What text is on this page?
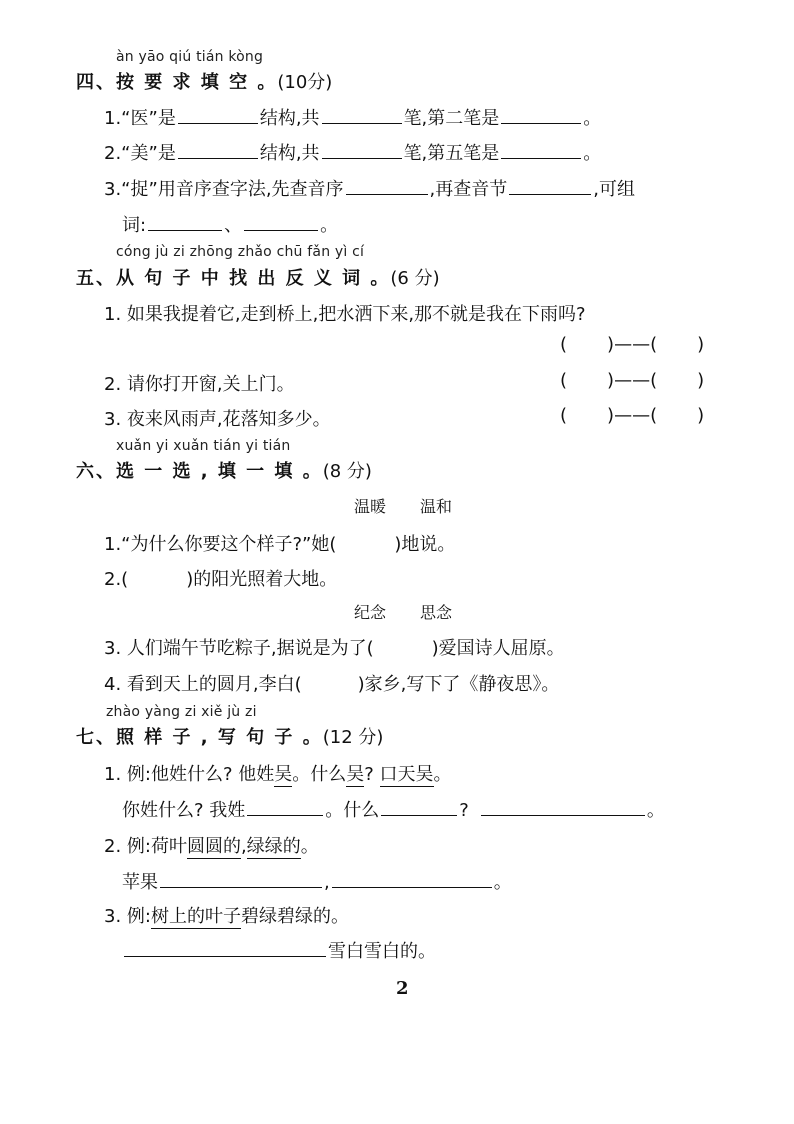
àn yāo qiú tián kòng
四、按 要 求 填 空 。(10分)
1.“医”是	结构,共	笔,第二笔是	。
2.“美”是	结构,共	笔,第五笔是	。
3.“捉”用音序查字法,先查音序	,再查音节	,可组
词:	、	。
cóng jù zi zhōng zhǎo chū fǎn yì cí
五、从 句 子 中 找 出 反 义 词 。(6 分)
1. 如果我提着它,走到桥上,把水洒下来,那不就是我在下雨吗?
( )——( )
2. 请你打开窗,关上门。	( )——( )
3. 夜来风雨声,花落知多少。	( )——( )
xuǎn yi xuǎn tián yi tián
六、选 一 选 , 填 一 填 。(8 分)
温暖 温和
1.“为什么你要这个样子?”她(	)地说。
2.(	)的阳光照着大地。
纪念 思念
3. 人们端午节吃粽子,据说是为了(	)爱国诗人屈原。
4. 看到天上的圆月,李白(	)家乡,写下了《静夜思》。
zhào yàng zi xiě jù zi
七、照 样 子 , 写 句 子 。(12 分)
1. 例:他姓什么? 他姓吴。什么吴? 口天吴。
你姓什么? 我姓	。什么	?	。
2. 例:荷叶圆圆的,绿绿的。
苹果	,	。
3. 例:树上的叶子碧绿碧绿的。
雪白雪白的。
2
